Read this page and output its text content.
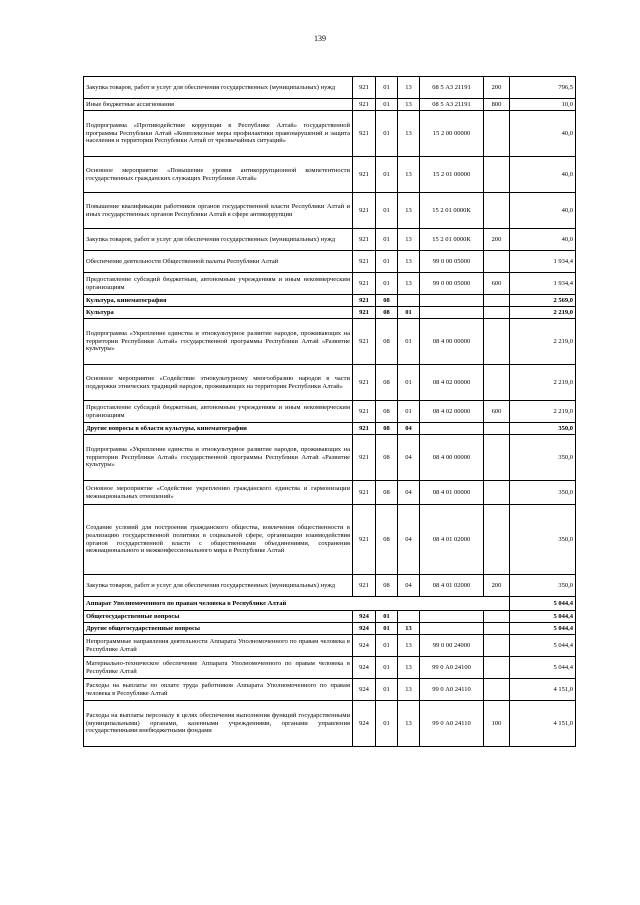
139
Закупка товаров, работ и услуг для обеспечения государственных (муниципальных) нужд	921	01	13	08 5 А3 21191	200	796,5
Иные бюджетные ассигнования	921	01	13	08 5 А3 21191	800	10,0
Подпрограмма «Противодействие коррупции в Республике Алтай» государственной программы Республики Алтай «Комплексные меры профилактики правонарушений и защита населения и территории Республики Алтай от чрезвычайных ситуаций»	921	01	13	15 2 00 00000		40,0
Основное мероприятие «Повышение уровня антикоррупционной компетентности государственных гражданских служащих Республики Алтай»	921	01	13	15 2 01 00000		40,0
Повышение квалификации работников органов государственной власти Республики Алтай и иных государственных органов Республики Алтай в сфере антикоррупции	921	01	13	15 2 01 0000К		40,0
Закупка товаров, работ и услуг для обеспечения государственных (муниципальных) нужд	921	01	13	15 2 01 0000К	200	40,0
Обеспечение деятельности Общественной палаты Республики Алтай	921	01	13	99 0 00 05000		1 934,4
Предоставление субсидий бюджетным, автономным учреждениям и иным некоммерческим организациям	921	01	13	99 0 00 05000	600	1 934,4
Культура, кинематография	921	08				2 569,0
Культура	921	08	01			2 219,0
Подпрограмма «Укрепление единства и этнокультурное развитие народов, проживающих на территории Республики Алтай» государственной программы Республики Алтай «Развитие культуры»	921	08	01	08 4 00 00000		2 219,0
Основное мероприятие «Содействие этнокультурному многообразию народов в части поддержки этнических традиций народов, проживающих на территории Республики Алтай»	921	08	01	08 4 02 00000		2 219,0
Предоставление субсидий бюджетным, автономным учреждениям и иным некоммерческим организациям	921	08	01	08 4 02 00000	600	2 219,0
Другие вопросы в области культуры, кинематографии	921	08	04			350,0
Подпрограмма «Укрепление единства и этнокультурное развитие народов, проживающих на территории Республики Алтай» государственной программы Республики Алтай «Развитие культуры»	921	08	04	08 4 00 00000		350,0
Основное мероприятие «Содействие укреплению гражданского единства и гармонизации межнациональных отношений»	921	08	04	08 4 01 00000		350,0
Создание условий для построения гражданского общества, вовлечения общественности в реализацию государственной политики в социальной сфере, организации взаимодействия органов государственной власти с общественными объединениями, сохранения межнационального и межконфессионального мира в Республике Алтай	921	08	04	08 4 01 02000		350,0
Закупка товаров, работ и услуг для обеспечения государственных (муниципальных) нужд	921	08	04	08 4 01 02000	200	350,0
Аппарат Уполномоченного по правам человека в Республике Алтай						5 044,4
Общегосударственные вопросы	924	01				5 044,4
Другие общегосударственные вопросы	924	01	13			5 044,4
Непрограммные направления деятельности Аппарата Уполномоченного по правам человека в Республике Алтай	924	01	13	99 0 00 24000		5 044,4
Материально-техническое обеспечение Аппарата Уполномоченного по правам человека в Республике Алтай	924	01	13	99 0 А0 24100		5 044,4
Расходы на выплаты по оплате труда работников Аппарата Уполномоченного по правам человека в Республике Алтай	924	01	13	99 0 А0 24110		4 151,0
Расходы на выплаты персоналу в целях обеспечения выполнения функций государственными (муниципальными) органами, казенными учреждениями, органами управления государственными внебюджетными фондами	924	01	13	99 0 А0 24110	100	4 151,0
